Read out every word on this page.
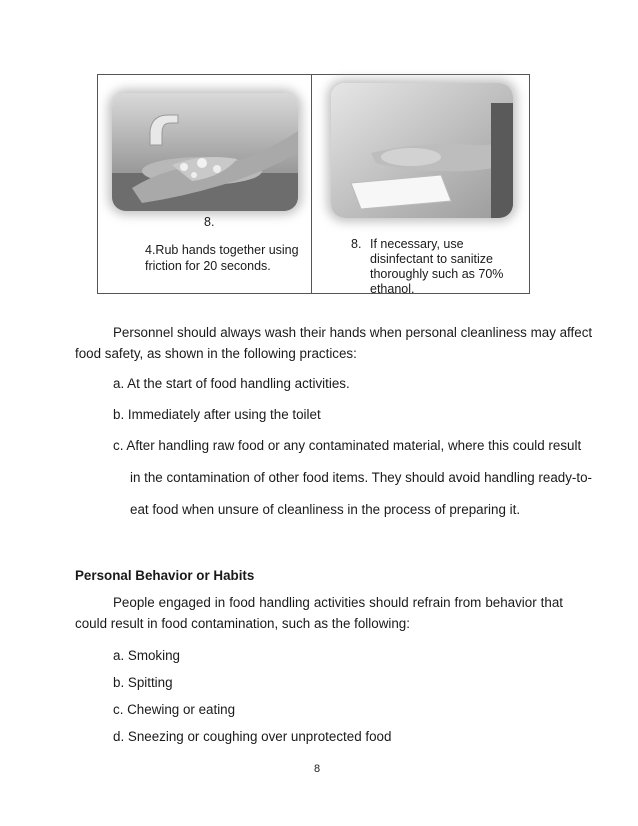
8.
4.Rub hands together using
friction for 20 seconds.
8. If necessary, use
disinfectant to sanitize
thoroughly such as 70%
ethanol.

Personnel should always wash their hands when personal cleanliness may affect

food safety, as shown in the following practices:

a. At the start of food handling activities.

b. Immediately after using the toilet

c. After handling raw food or any contaminated material, where this could result

in the contamination of other food items. They should avoid handling ready-to-

eat food when unsure of cleanliness in the process of preparing it.

Personal Behavior or Habits

People engaged in food handling activities should refrain from behavior that

could result in food contamination, such as the following:

a. Smoking

b. Spitting

c. Chewing or eating

d. Sneezing or coughing over unprotected food

8
